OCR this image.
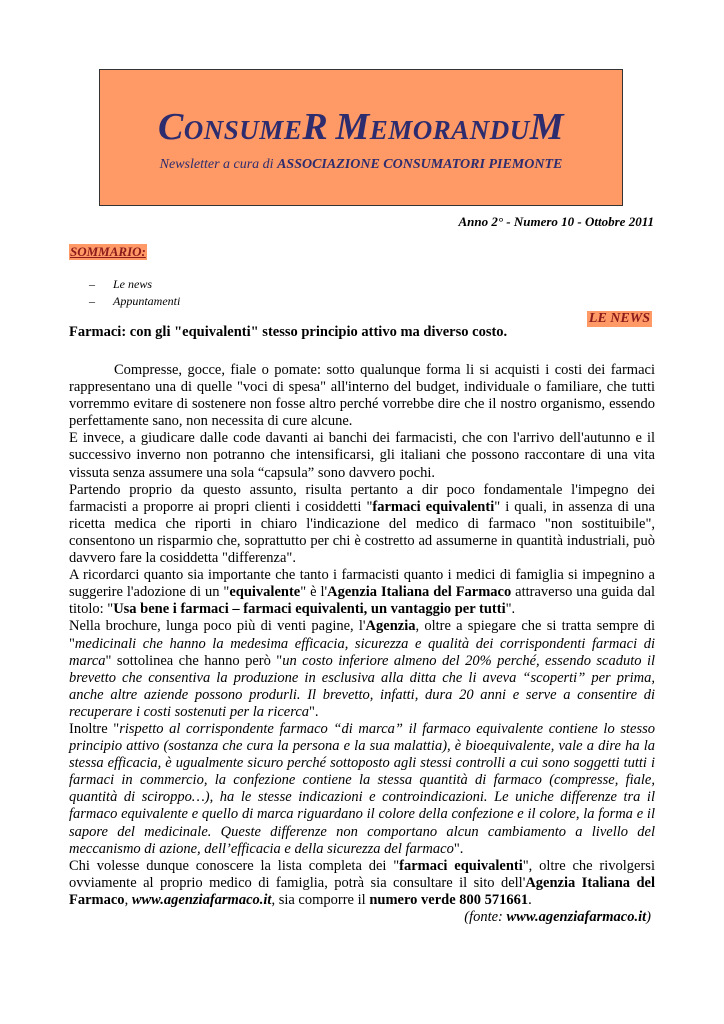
CONSUMER MEMORANDUM
Newsletter a cura di ASSOCIAZIONE CONSUMATORI PIEMONTE
Anno 2° - Numero 10 - Ottobre 2011
SOMMARIO:
– Le news
– Appuntamenti
LE NEWS
Farmaci: con gli "equivalenti" stesso principio attivo ma diverso costo.

Compresse, gocce, fiale o pomate: sotto qualunque forma li si acquisti i costi dei farmaci rappresentano una di quelle "voci di spesa" all'interno del budget, individuale o familiare, che tutti vorremmo evitare di sostenere non fosse altro perché vorrebbe dire che il nostro organismo, essendo perfettamente sano, non necessita di cure alcune.

E invece, a giudicare dalle code davanti ai banchi dei farmacisti, che con l'arrivo dell'autunno e il successivo inverno non potranno che intensificarsi, gli italiani che possono raccontare di una vita vissuta senza assumere una sola “capsula” sono davvero pochi.

Partendo proprio da questo assunto, risulta pertanto a dir poco fondamentale l'impegno dei farmacisti a proporre ai propri clienti i cosiddetti "farmaci equivalenti" i quali, in assenza di una ricetta medica che riporti in chiaro l'indicazione del medico di farmaco "non sostituibile", consentono un risparmio che, soprattutto per chi è costretto ad assumerne in quantità industriali, può davvero fare la cosiddetta "differenza".

A ricordarci quanto sia importante che tanto i farmacisti quanto i medici di famiglia si impegnino a suggerire l'adozione di un "equivalente" è l'Agenzia Italiana del Farmaco attraverso una guida dal titolo: "Usa bene i farmaci – farmaci equivalenti, un vantaggio per tutti".

Nella brochure, lunga poco più di venti pagine, l'Agenzia, oltre a spiegare che si tratta sempre di "medicinali che hanno la medesima efficacia, sicurezza e qualità dei corrispondenti farmaci di marca" sottolinea che hanno però "un costo inferiore almeno del 20% perché, essendo scaduto il brevetto che consentiva la produzione in esclusiva alla ditta che li aveva “scoperti” per prima, anche altre aziende possono produrli. Il brevetto, infatti, dura 20 anni e serve a consentire di recuperare i costi sostenuti per la ricerca".

Inoltre "rispetto al corrispondente farmaco “di marca” il farmaco equivalente contiene lo stesso principio attivo (sostanza che cura la persona e la sua malattia), è bioequivalente, vale a dire ha la stessa efficacia, è ugualmente sicuro perché sottoposto agli stessi controlli a cui sono soggetti tutti i farmaci in commercio, la confezione contiene la stessa quantità di farmaco (compresse, fiale, quantità di sciroppo…), ha le stesse indicazioni e controindicazioni. Le uniche differenze tra il farmaco equivalente e quello di marca riguardano il colore della confezione e il colore, la forma e il sapore del medicinale. Queste differenze non comportano alcun cambiamento a livello del meccanismo di azione, dell’efficacia e della sicurezza del farmaco".

Chi volesse dunque conoscere la lista completa dei "farmaci equivalenti", oltre che rivolgersi ovviamente al proprio medico di famiglia, potrà sia consultare il sito dell'Agenzia Italiana del Farmaco, www.agenziafarmaco.it, sia comporre il numero verde 800 571661.

(fonte: www.agenziafarmaco.it)
